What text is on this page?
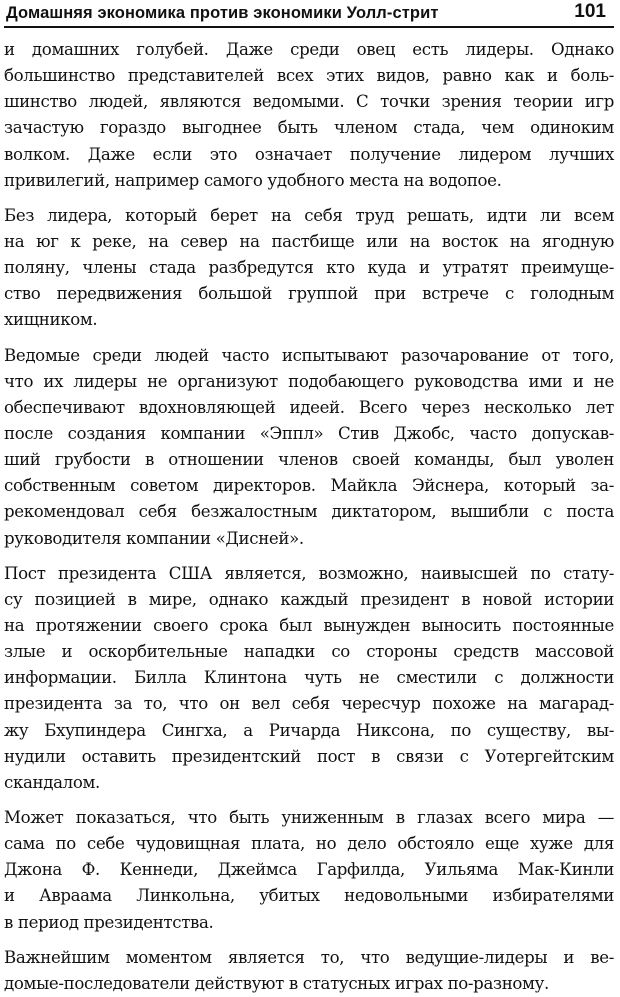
Домашняя экономика против экономики Уолл-стрит	101
и домашних голубей. Даже среди овец есть лидеры. Однако
большинство представителей всех этих видов, равно как и боль-
шинство людей, являются ведомыми. С точки зрения теории игр
зачастую гораздо выгоднее быть членом стада, чем одиноким
волком. Даже если это означает получение лидером лучших
привилегий, например самого удобного места на водопое.
Без лидера, который берет на себя труд решать, идти ли всем
на юг к реке, на север на пастбище или на восток на ягодную
поляну, члены стада разбредутся кто куда и утратят преимуще-
ство передвижения большой группой при встрече с голодным
хищником.
Ведомые среди людей часто испытывают разочарование от того,
что их лидеры не организуют подобающего руководства ими и не
обеспечивают вдохновляющей идеей. Всего через несколько лет
после создания компании «Эппл» Стив Джобс, часто допускав-
ший грубости в отношении членов своей команды, был уволен
собственным советом директоров. Майкла Эйснера, который за-
рекомендовал себя безжалостным диктатором, вышибли с поста
руководителя компании «Дисней».
Пост президента США является, возможно, наивысшей по стату-
су позицией в мире, однако каждый президент в новой истории
на протяжении своего срока был вынужден выносить постоянные
злые и оскорбительные нападки со стороны средств массовой
информации. Билла Клинтона чуть не сместили с должности
президента за то, что он вел себя чересчур похоже на магарад-
жу Бхупиндера Сингха, а Ричарда Никсона, по существу, вы-
нудили оставить президентский пост в связи с Уотергейтским
скандалом.
Может показаться, что быть униженным в глазах всего мира —
сама по себе чудовищная плата, но дело обстояло еще хуже для
Джона Ф. Кеннеди, Джеймса Гарфилда, Уильяма Мак-Кинли
и Авраама Линкольна, убитых недовольными избирателями
в период президентства.
Важнейшим моментом является то, что ведущие-лидеры и ве-
домые-последователи действуют в статусных играх по-разному.
